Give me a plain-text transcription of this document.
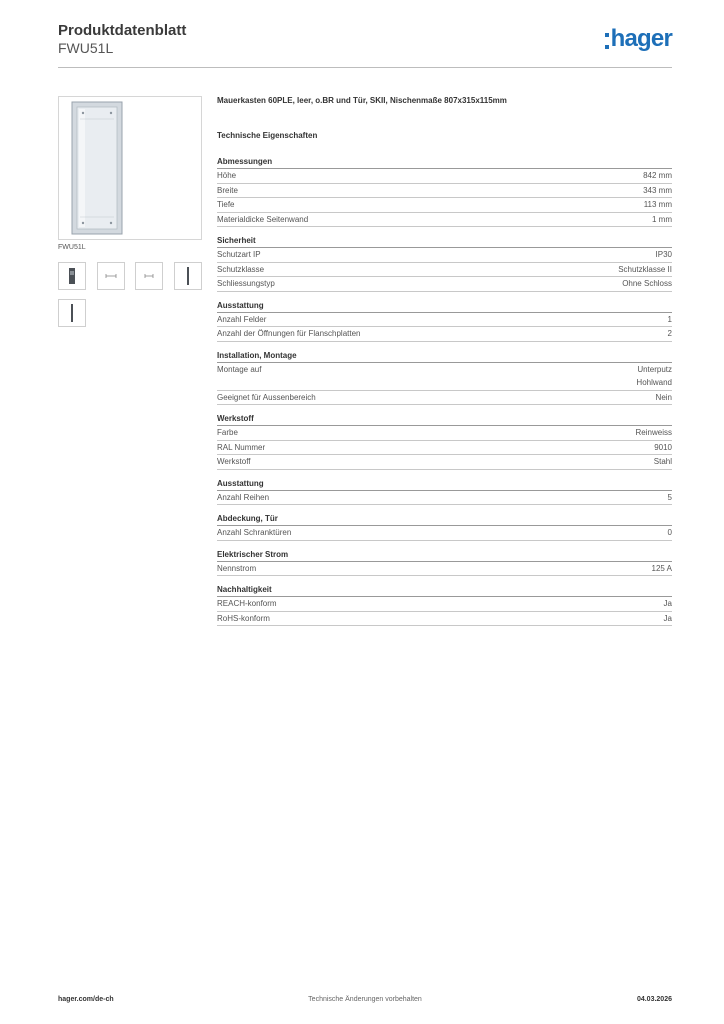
Produktdatenblatt
FWU51L	hager
FWU51L
Mauerkasten 60PLE, leer, o.BR und Tür, SKII, Nischenmaße 807x315x115mm
Technische Eigenschaften
Abmessungen
Höhe	842 mm
Breite	343 mm
Tiefe	113 mm
Materialdicke Seitenwand	1 mm
Sicherheit
Schutzart IP	IP30
Schutzklasse	Schutzklasse II
Schliessungstyp	Ohne Schloss
Ausstattung
Anzahl Felder	1
Anzahl der Öffnungen für Flanschplatten	2
Installation, Montage
Montage auf	Unterputz
Hohlwand
Geeignet für Aussenbereich	Nein
Werkstoff
Farbe	Reinweiss
RAL Nummer	9010
Werkstoff	Stahl
Ausstattung
Anzahl Reihen	5
Abdeckung, Tür
Anzahl Schranktüren	0
Elektrischer Strom
Nennstrom	125 A
Nachhaltigkeit
REACH-konform	Ja
RoHS-konform	Ja
hager.com/de-ch	Technische Änderungen vorbehalten	04.03.2026
